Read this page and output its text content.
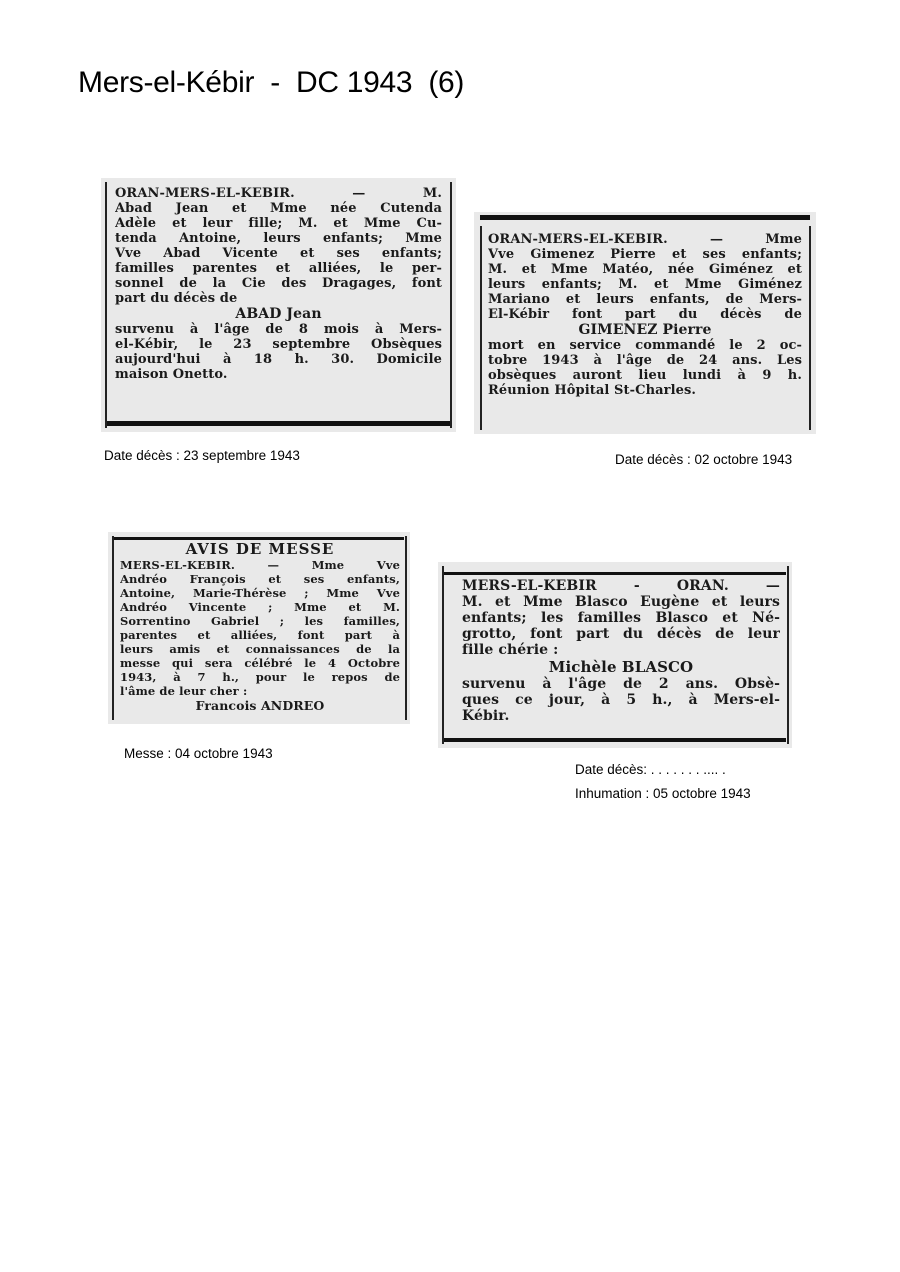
Mers-el-Kébir  -  DC 1943  (6)
ORAN-MERS-EL-KEBIR. — M.
Abad Jean et Mme née Cutenda
Adèle et leur fille; M. et Mme Cu-
tenda Antoine, leurs enfants; Mme
Vve Abad Vicente et ses enfants;
familles parentes et alliées, le per-
sonnel de la Cie des Dragages, font
part du décès de
ABAD Jean
survenu à l'âge de 8 mois à Mers-
el-Kébir, le 23 septembre Obsèques
aujourd'hui à 18 h. 30. Domicile
maison Onetto.
ORAN-MERS-EL-KEBIR. — Mme
Vve Gimenez Pierre et ses enfants;
M. et Mme Matéo, née Giménez et
leurs enfants; M. et Mme Giménez
Mariano et leurs enfants, de Mers-
El-Kébir font part du décès de
GIMENEZ Pierre
mort en service commandé le 2 oc-
tobre 1943 à l'âge de 24 ans. Les
obsèques auront lieu lundi à 9 h.
Réunion Hôpital St-Charles.
Date décès : 23 septembre 1943	Date décès : 02 octobre 1943
AVIS DE MESSE
MERS-EL-KEBIR. — Mme Vve
Andréo François et ses enfants,
Antoine, Marie-Thérèse ; Mme Vve
Andréo Vincente ; Mme et M.
Sorrentino Gabriel ; les familles,
parentes et alliées, font part à
leurs amis et connaissances de la
messe qui sera célébré le 4 Octobre
1943, à 7 h., pour le repos de
l'âme de leur cher :
Francois ANDREO
MERS-EL-KEBIR - ORAN. —
M. et Mme Blasco Eugène et leurs
enfants; les familles Blasco et Né-
grotto, font part du décès de leur
fille chérie :
Michèle BLASCO
survenu à l'âge de 2 ans. Obsè-
ques ce jour, à 5 h., à Mers-el-
Kébir.
Messe : 04 octobre 1943
Date décès: . . . . . . . .... .
Inhumation : 05 octobre 1943
